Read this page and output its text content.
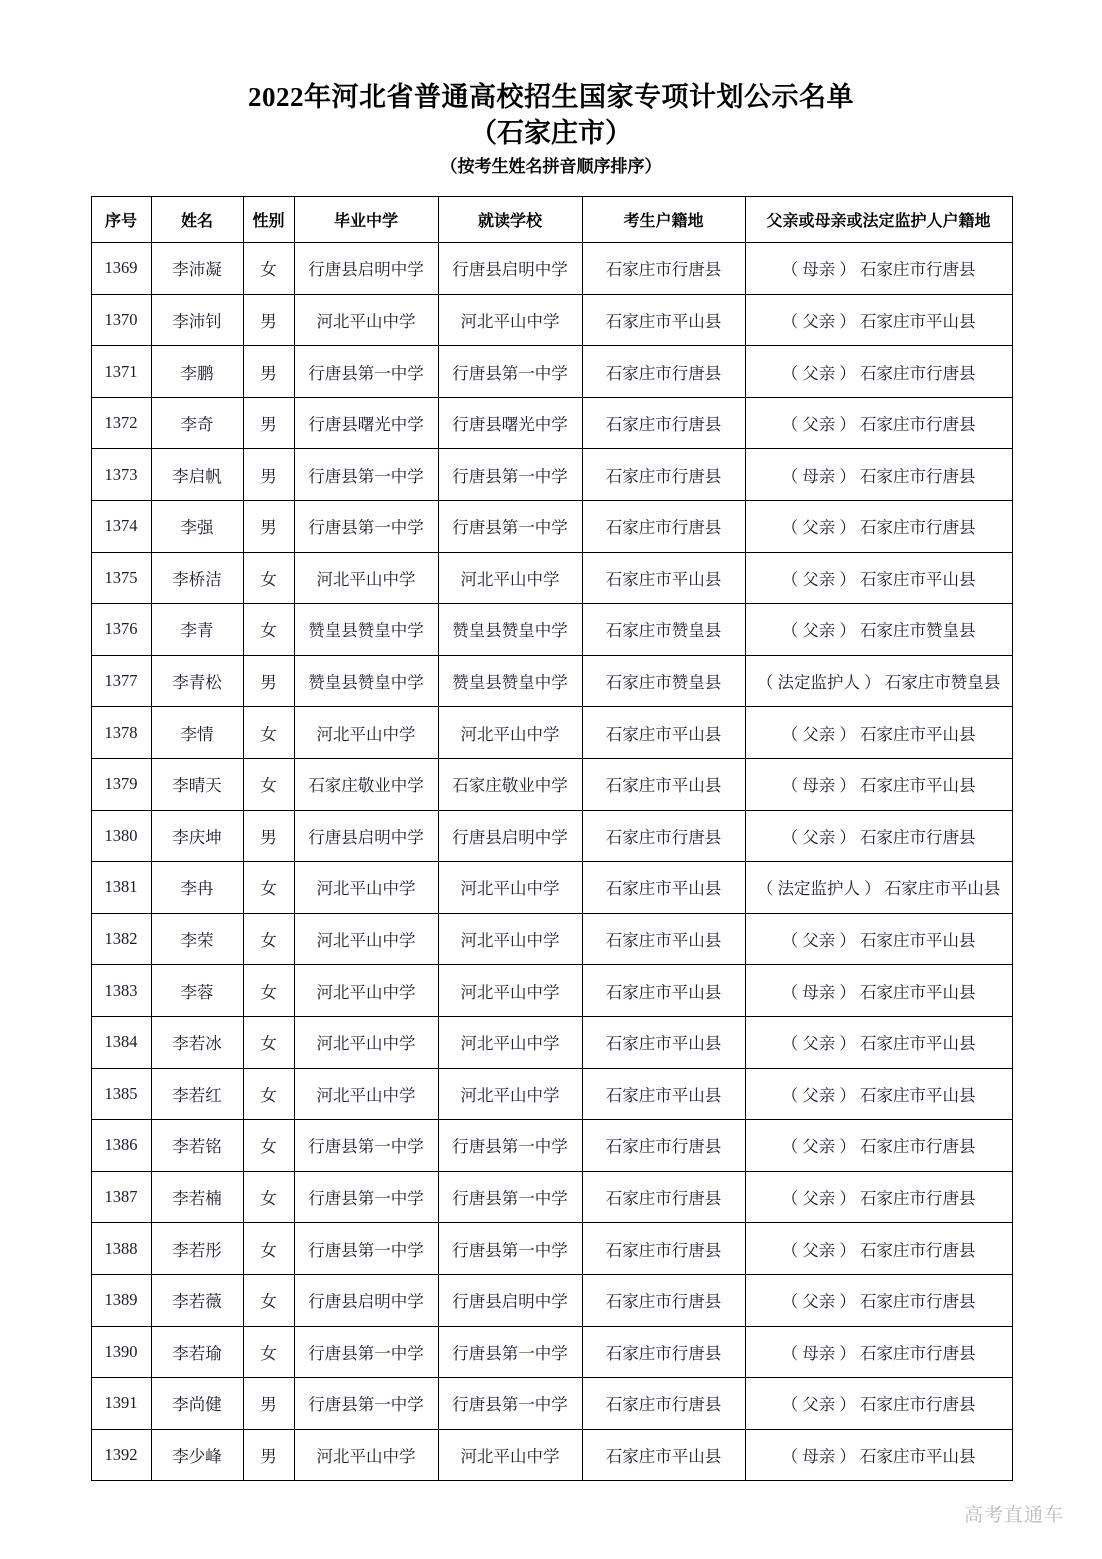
2022年河北省普通高校招生国家专项计划公示名单
（石家庄市）
（按考生姓名拼音顺序排序）
序号	姓名	性别	毕业中学	就读学校	考生户籍地	父亲或母亲或法定监护人户籍地
1369	李沛凝	女	行唐县启明中学	行唐县启明中学	石家庄市行唐县	（ 母亲 ） 石家庄市行唐县
1370	李沛钊	男	河北平山中学	河北平山中学	石家庄市平山县	（ 父亲 ） 石家庄市平山县
1371	李鹏	男	行唐县第一中学	行唐县第一中学	石家庄市行唐县	（ 父亲 ） 石家庄市行唐县
1372	李奇	男	行唐县曙光中学	行唐县曙光中学	石家庄市行唐县	（ 父亲 ） 石家庄市行唐县
1373	李启帆	男	行唐县第一中学	行唐县第一中学	石家庄市行唐县	（ 母亲 ） 石家庄市行唐县
1374	李强	男	行唐县第一中学	行唐县第一中学	石家庄市行唐县	（ 父亲 ） 石家庄市行唐县
1375	李桥洁	女	河北平山中学	河北平山中学	石家庄市平山县	（ 父亲 ） 石家庄市平山县
1376	李青	女	赞皇县赞皇中学	赞皇县赞皇中学	石家庄市赞皇县	（ 父亲 ） 石家庄市赞皇县
1377	李青松	男	赞皇县赞皇中学	赞皇县赞皇中学	石家庄市赞皇县	（ 法定监护人 ） 石家庄市赞皇县
1378	李情	女	河北平山中学	河北平山中学	石家庄市平山县	（ 父亲 ） 石家庄市平山县
1379	李晴天	女	石家庄敬业中学	石家庄敬业中学	石家庄市平山县	（ 母亲 ） 石家庄市平山县
1380	李庆坤	男	行唐县启明中学	行唐县启明中学	石家庄市行唐县	（ 父亲 ） 石家庄市行唐县
1381	李冉	女	河北平山中学	河北平山中学	石家庄市平山县	（ 法定监护人 ） 石家庄市平山县
1382	李荣	女	河北平山中学	河北平山中学	石家庄市平山县	（ 父亲 ） 石家庄市平山县
1383	李蓉	女	河北平山中学	河北平山中学	石家庄市平山县	（ 母亲 ） 石家庄市平山县
1384	李若冰	女	河北平山中学	河北平山中学	石家庄市平山县	（ 父亲 ） 石家庄市平山县
1385	李若红	女	河北平山中学	河北平山中学	石家庄市平山县	（ 父亲 ） 石家庄市平山县
1386	李若铭	女	行唐县第一中学	行唐县第一中学	石家庄市行唐县	（ 父亲 ） 石家庄市行唐县
1387	李若楠	女	行唐县第一中学	行唐县第一中学	石家庄市行唐县	（ 父亲 ） 石家庄市行唐县
1388	李若彤	女	行唐县第一中学	行唐县第一中学	石家庄市行唐县	（ 父亲 ） 石家庄市行唐县
1389	李若薇	女	行唐县启明中学	行唐县启明中学	石家庄市行唐县	（ 父亲 ） 石家庄市行唐县
1390	李若瑜	女	行唐县第一中学	行唐县第一中学	石家庄市行唐县	（ 母亲 ） 石家庄市行唐县
1391	李尚健	男	行唐县第一中学	行唐县第一中学	石家庄市行唐县	（ 父亲 ） 石家庄市行唐县
1392	李少峰	男	河北平山中学	河北平山中学	石家庄市平山县	（ 母亲 ） 石家庄市平山县
高考直通车
